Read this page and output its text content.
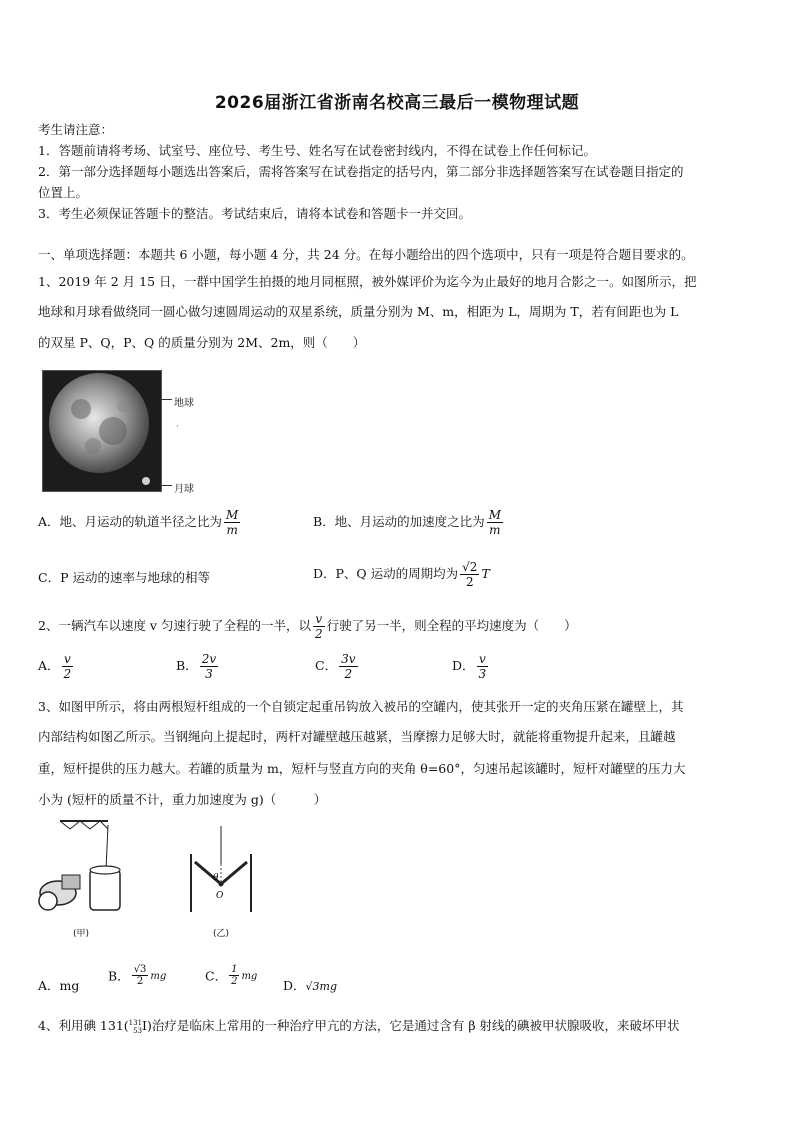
2026届浙江省浙南名校高三最后一模物理试题
考生请注意：
1．答题前请将考场、试室号、座位号、考生号、姓名写在试卷密封线内，不得在试卷上作任何标记。
2．第一部分选择题每小题选出答案后，需将答案写在试卷指定的括号内，第二部分非选择题答案写在试卷题目指定的
位置上。
3．考生必须保证答题卡的整洁。考试结束后，请将本试卷和答题卡一并交回。
一、单项选择题：本题共 6 小题，每小题 4 分，共 24 分。在每小题给出的四个选项中，只有一项是符合题目要求的。
1、2019 年 2 月 15 日，一群中国学生拍摄的地月同框照，被外媒评价为迄今为止最好的地月合影之一。如图所示，把
地球和月球看做绕同一圆心做匀速圆周运动的双星系统，质量分别为 M、m，相距为 L，周期为 T，若有间距也为 L
的双星 P、Q，P、Q 的质量分别为 2M、2m，则（　　）
地球
月球
·
A．地、月运动的轨道半径之比为 $\frac{M}{m}$	B．地、月运动的加速度之比为 $\frac{M}{m}$
C．P 运动的速率与地球的相等	D．P、Q 运动的周期均为 $\frac{√2}{2}$ T
2、一辆汽车以速度 v 匀速行驶了全程的一半，以 $\frac{v}{2}$ 行驶了另一半，则全程的平均速度为（　　）
A． $\frac{v}{2}$	B． $\frac{2v}{3}$	C． $\frac{3v}{2}$	D． $\frac{v}{3}$
3、如图甲所示，将由两根短杆组成的一个自锁定起重吊钩放入被吊的空罐内，使其张开一定的夹角压紧在罐壁上，其
内部结构如图乙所示。当钢绳向上提起时，两杆对罐壁越压越紧，当摩擦力足够大时，就能将重物提升起来，且罐越
重，短杆提供的压力越大。若罐的质量为 m，短杆与竖直方向的夹角 θ=60°，匀速吊起该罐时，短杆对罐壁的压力大
小为 (短杆的质量不计，重力加速度为 g)（　　　）
(甲)
θ
O
(乙)
A．mg
B． $\frac{√3}{2}$ mg	C． $\frac{1}{2}$ mg
D．√3mg
4、利用碘 131( 131
53 I)治疗是临床上常用的一种治疗甲亢的方法，它是通过含有 β 射线的碘被甲状腺吸收，来破坏甲状
